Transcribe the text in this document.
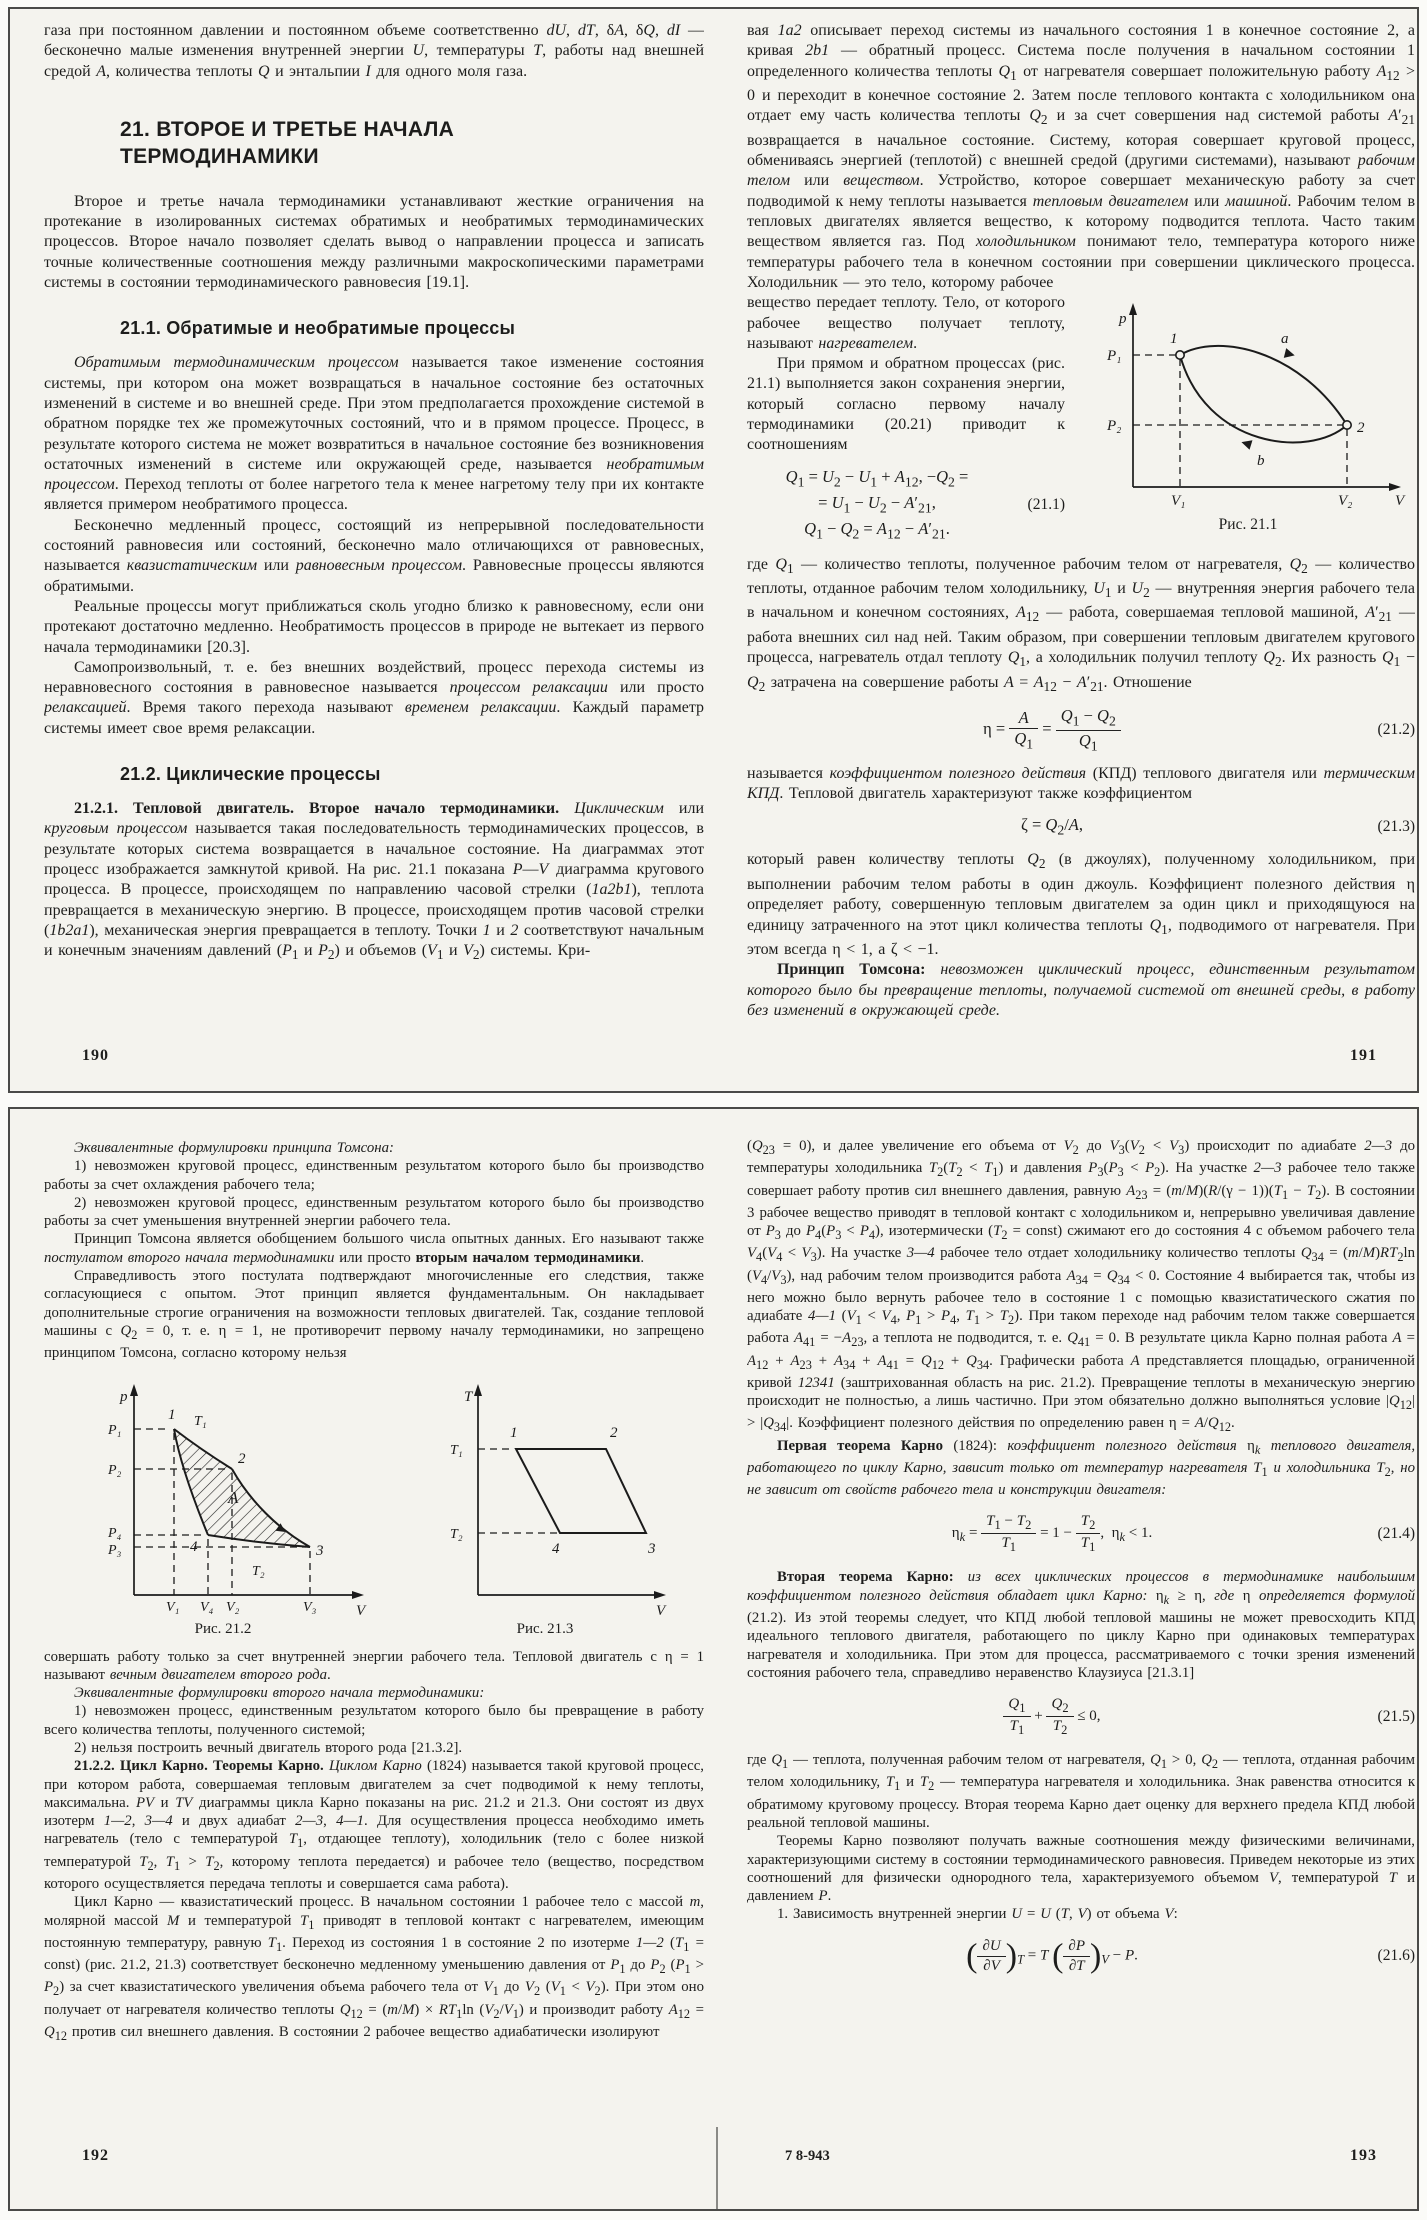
газа при постоянном давлении и постоянном объеме соответственно dU, dT, δA, δQ, dI — бесконечно малые изменения внутренней энергии U, температуры T, работы над внешней средой A, количества теплоты Q и энтальпии I для одного моля газа.

21. ВТОРОЕ И ТРЕТЬЕ НАЧАЛА
ТЕРМОДИНАМИКИ

Второе и третье начала термодинамики устанавливают жесткие ограничения на протекание в изолированных системах обратимых и необратимых термодинамических процессов. Второе начало позволяет сделать вывод о направлении процесса и записать точные количественные соотношения между различными макроскопическими параметрами системы в состоянии термодинамического равновесия [19.1].

21.1. Обратимые и необратимые процессы

Обратимым термодинамическим процессом называется такое изменение состояния системы, при котором она может возвращаться в начальное состояние без остаточных изменений в системе и во внешней среде. При этом предполагается прохождение системой в обратном порядке тех же промежуточных состояний, что и в прямом процессе. Процесс, в результате которого система не может возвратиться в начальное состояние без возникновения остаточных изменений в системе или окружающей среде, называется необратимым процессом. Переход теплоты от более нагретого тела к менее нагретому телу при их контакте является примером необратимого процесса.

Бесконечно медленный процесс, состоящий из непрерывной последовательности состояний равновесия или состояний, бесконечно мало отличающихся от равновесных, называется квазистатическим или равновесным процессом. Равновесные процессы являются обратимыми.

Реальные процессы могут приближаться сколь угодно близко к равновесному, если они протекают достаточно медленно. Необратимость процессов в природе не вытекает из первого начала термодинамики [20.3].

Самопроизвольный, т. е. без внешних воздействий, процесс перехода системы из неравновесного состояния в равновесное называется процессом релаксации или просто релаксацией. Время такого перехода называют временем релаксации. Каждый параметр системы имеет свое время релаксации.

21.2. Циклические процессы

21.2.1. Тепловой двигатель. Второе начало термодинамики. Циклическим или круговым процессом называется такая последовательность термодинамических процессов, в результате которых система возвращается в начальное состояние. На диаграммах этот процесс изображается замкнутой кривой. На рис. 21.1 показана P—V диаграмма кругового процесса. В процессе, происходящем по направлению часовой стрелки (1a2b1), теплота превращается в механическую энергию. В процессе, происходящем против часовой стрелки (1b2a1), механическая энергия превращается в теплоту. Точки 1 и 2 соответствуют начальным и конечным значениям давлений ($P_1$ и $P_2$) и объемов ($V_1$ и $V_2$) системы. Кри-

190

вая 1a2 описывает переход системы из начального состояния 1 в конечное состояние 2, а кривая 2b1 — обратный процесс. Система после получения в начальном состоянии 1 определенного количества теплоты $Q_1$ от нагревателя совершает положительную работу $A_{12} > 0$ и переходит в конечное состояние 2. Затем после теплового контакта с холодильником она отдает ему часть количества теплоты $Q_2$ и за счет совершения над системой работы $A'_{21}$ возвращается в начальное состояние. Систему, которая совершает круговой процесс, обмениваясь энергией (теплотой) с внешней средой (другими системами), называют рабочим телом или веществом. Устройство, которое совершает механическую работу за счет подводимой к нему теплоты называется тепловым двигателем или машиной. Рабочим телом в тепловых двигателях является вещество, к которому подводится теплота. Часто таким веществом является газ. Под холодильником понимают тело, температура которого ниже температуры рабочего тела в конечном состоянии при совершении циклического процесса. Холодильник — это тело, которому рабочее

p
V
P₁
P₂
V₁	V₂
1
2
a
b
Рис. 21.1

вещество передает теплоту. Тело, от которого рабочее вещество получает теплоту, называют нагревателем.

При прямом и обратном процессах (рис. 21.1) выполняется закон сохранения энергии, который согласно первому началу термодинамики (20.21) приводит к соотношениям

$Q_1 = U_2 - U_1 + A_{12}$, $-Q_2$ =
= $U_1 - U_2 - A'_{21}$,
$Q_1 - Q_2 = A_{12} - A'_{21}$.
(21.1)

где $Q_1$ — количество теплоты, полученное рабочим телом от нагревателя, $Q_2$ — количество теплоты, отданное рабочим телом холодильнику, $U_1$ и $U_2$ — внутренняя энергия рабочего тела в начальном и конечном состояниях, $A_{12}$ — работа, совершаемая тепловой машиной, $A'_{21}$ — работа внешних сил над ней. Таким образом, при совершении тепловым двигателем кругового процесса, нагреватель отдал теплоту $Q_1$, а холодильник получил теплоту $Q_2$. Их разность $Q_1 - Q_2$ затрачена на совершение работы $A = A_{12} - A'_{21}$. Отношение

$\eta = \frac{A}{Q_1} = \frac{Q_1 - Q_2}{Q_1}$	(21.2)

называется коэффициентом полезного действия (КПД) теплового двигателя или термическим КПД. Тепловой двигатель характеризуют также коэффициентом

$\zeta = Q_2/A$,	(21.3)

который равен количеству теплоты $Q_2$ (в джоулях), полученному холодильником, при выполнении рабочим телом работы в один джоуль. Коэффициент полезного действия η определяет работу, совершенную тепловым двигателем за один цикл и приходящуюся на единицу затраченного на этот цикл количества теплоты $Q_1$, подводимого от нагревателя. При этом всегда η < 1, а ζ < −1.

Принцип Томсона: невозможен циклический процесс, единственным результатом которого было бы превращение теплоты, получаемой системой от внешней среды, в работу без изменений в окружающей среде.

191

Эквивалентные формулировки принципа Томсона:

1) невозможен круговой процесс, единственным результатом которого было бы производство работы за счет охлаждения рабочего тела;

2) невозможен круговой процесс, единственным результатом которого было бы производство работы за счет уменьшения внутренней энергии рабочего тела.

Принцип Томсона является обобщением большого числа опытных данных. Его называют также постулатом второго начала термодинамики или просто вторым началом термодинамики.

Справедливость этого постулата подтверждают многочисленные его следствия, также согласующиеся с опытом. Этот принцип является фундаментальным. Он накладывает дополнительные строгие ограничения на возможности тепловых двигателей. Так, создание тепловой машины с $Q_2 = 0$, т. е. η = 1, не противоречит первому началу термодинамики, но запрещено принципом Томсона, согласно которому нельзя

p
V
P₁
P₂
P₄
P₃
V₁ V₄ V₂	V₃
1
2
3
4
T₁
T₂
A
Рис. 21.2
T
V
T₁
T₂
1	2
3
4
Рис. 21.3

совершать работу только за счет внутренней энергии рабочего тела. Тепловой двигатель с η = 1 называют вечным двигателем второго рода.

Эквивалентные формулировки второго начала термодинамики:

1) невозможен процесс, единственным результатом которого было бы превращение в работу всего количества теплоты, полученного системой;

2) нельзя построить вечный двигатель второго рода [21.3.2].

21.2.2. Цикл Карно. Теоремы Карно. Циклом Карно (1824) называется такой круговой процесс, при котором работа, совершаемая тепловым двигателем за счет подводимой к нему теплоты, максимальна. PV и TV диаграммы цикла Карно показаны на рис. 21.2 и 21.3. Они состоят из двух изотерм 1—2, 3—4 и двух адиабат 2—3, 4—1. Для осуществления процесса необходимо иметь нагреватель (тело с температурой $T_1$, отдающее теплоту), холодильник (тело с более низкой температурой $T_2$, $T_1 > T_2$, которому теплота передается) и рабочее тело (вещество, посредством которого осуществляется передача теплоты и совершается сама работа).

Цикл Карно — квазистатический процесс. В начальном состоянии 1 рабочее тело с массой m, молярной массой M и температурой $T_1$ приводят в тепловой контакт с нагревателем, имеющим постоянную температуру, равную $T_1$. Переход из состояния 1 в состояние 2 по изотерме 1—2 ($T_1$ = const) (рис. 21.2, 21.3) соответствует бесконечно медленному уменьшению давления от $P_1$ до $P_2$ $(P_1 > P_2)$ за счет квазистатического увеличения объема рабочего тела от $V_1$ до $V_2$ $(V_1 < V_2)$. При этом оно получает от нагревателя количество теплоты $Q_{12} = (m/M) \times RT_1\ln$ $(V_2/V_1)$ и производит работу $A_{12} = Q_{12}$ против сил внешнего давления. В состоянии 2 рабочее вещество адиабатически изолируют

192

$(Q_{23} = 0)$, и далее увеличение его объема от $V_2$ до $V_3(V_2 < V_3)$ происходит по адиабате 2—3 до температуры холодильника $T_2(T_2 < T_1)$ и давления $P_3(P_3 < P_2)$. На участке 2—3 рабочее тело также совершает работу против сил внешнего давления, равную $A_{23} = (m/M)(R/(\gamma - 1))(T_1 - T_2)$. В состоянии 3 рабочее вещество приводят в тепловой контакт с холодильником и, непрерывно увеличивая давление от $P_3$ до $P_4(P_3 < P_4)$, изотермически ($T_2$ = const) сжимают его до состояния 4 с объемом рабочего тела $V_4(V_4 < V_3)$. На участке 3—4 рабочее тело отдает холодильнику количество теплоты $Q_{34} = (m/M)RT_2\ln$ $(V_4/V_3)$, над рабочим телом производится работа $A_{34} = Q_{34} < 0$. Состояние 4 выбирается так, чтобы из него можно было вернуть рабочее тело в состояние 1 с помощью квазистатического сжатия по адиабате 4—1 ($V_1 < V_4$, $P_1 > P_4$, $T_1 > T_2$). При таком переходе над рабочим телом также совершается работа $A_{41} = -A_{23}$, а теплота не подводится, т. е. $Q_{41} = 0$. В результате цикла Карно полная работа $A = A_{12} + A_{23} + A_{34} + A_{41} = Q_{12} + Q_{34}$. Графически работа A представляется площадью, ограниченной кривой 12341 (заштрихованная область на рис. 21.2). Превращение теплоты в механическую энергию происходит не полностью, а лишь частично. При этом обязательно должно выполняться условие $|Q_{12}| > |Q_{34}|$. Коэффициент полезного действия по определению равен $\eta = A/Q_{12}$.

Первая теорема Карно (1824): коэффициент полезного действия $\eta_k$ теплового двигателя, работающего по циклу Карно, зависит только от температур нагревателя $T_1$ и холодильника $T_2$, но не зависит от свойств рабочего тела и конструкции двигателя:

$\eta_k = \frac{T_1 - T_2}{T_1} = 1 - \frac{T_2}{T_1}$ ,  $\eta_k < 1$.	(21.4)

Вторая теорема Карно: из всех циклических процессов в термодинамике наибольшим коэффициентом полезного действия обладает цикл Карно: $\eta_k \ge \eta$, где η определяется формулой (21.2). Из этой теоремы следует, что КПД любой тепловой машины не может превосходить КПД идеального теплового двигателя, работающего по циклу Карно при одинаковых температурах нагревателя и холодильника. При этом для процесса, рассматриваемого с точки зрения изменений состояния рабочего тела, справедливо неравенство Клаузиуса [21.3.1]

$\frac{Q_1}{T_1} + \frac{Q_2}{T_2} \le 0$,	(21.5)

где $Q_1$ — теплота, полученная рабочим телом от нагревателя, $Q_1 > 0$, $Q_2$ — теплота, отданная рабочим телом холодильнику, $T_1$ и $T_2$ — температура нагревателя и холодильника. Знак равенства относится к обратимому круговому процессу. Вторая теорема Карно дает оценку для верхнего предела КПД любой реальной тепловой машины.

Теоремы Карно позволяют получать важные соотношения между физическими величинами, характеризующими систему в состоянии термодинамического равновесия. Приведем некоторые из этих соотношений для физически однородного тела, характеризуемого объемом V, температурой T и давлением P.

1. Зависимость внутренней энергии U = U (T, V) от объема V:

( $\frac{\partial U}{\partial V} )_T = T$ ( $\frac{\partial P}{\partial T} )_V - P$.	(21.6)
7 8-943	193
